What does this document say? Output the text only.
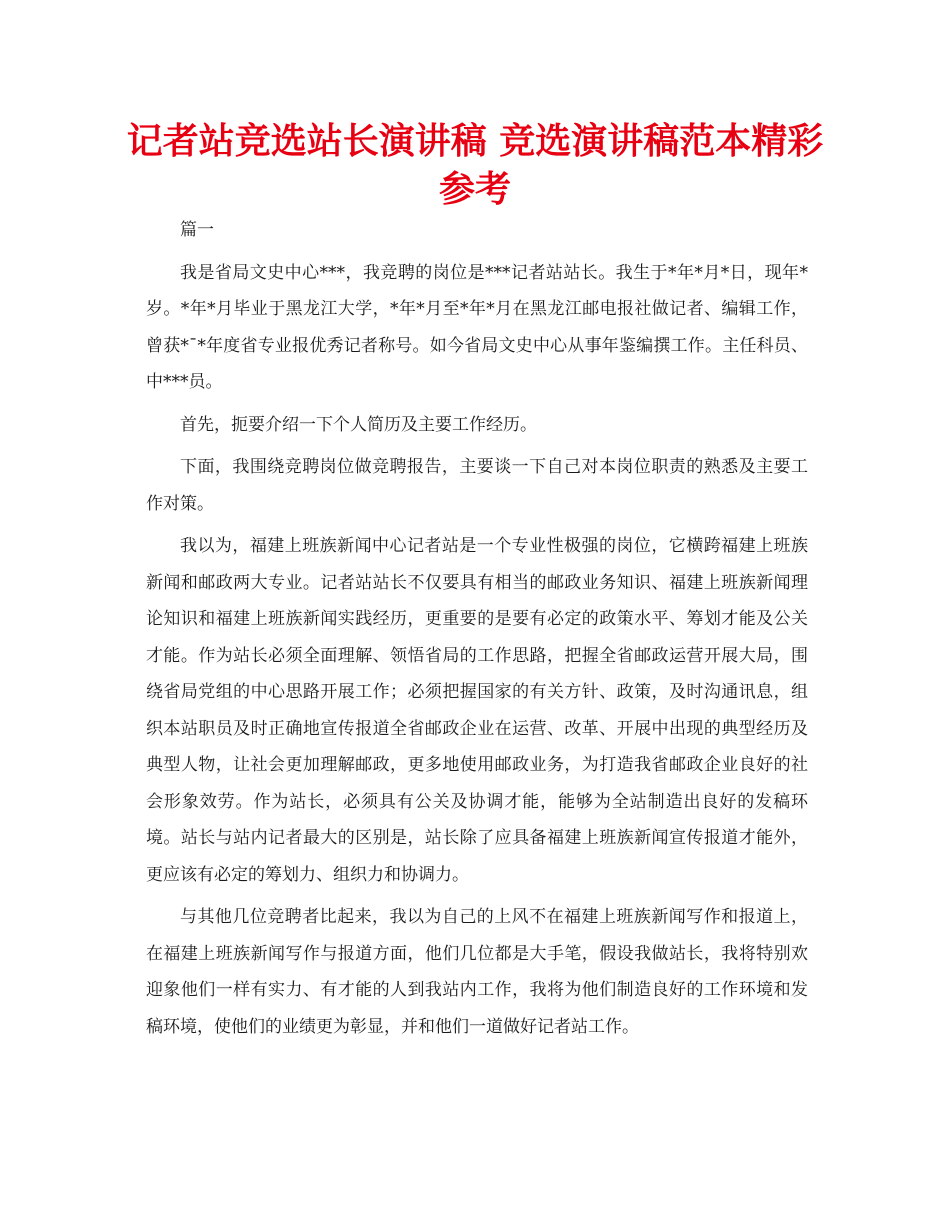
记者站竞选站长演讲稿 竞选演讲稿范本精彩参考

篇一

我是省局文史中心***，我竞聘的岗位是***记者站站长。我生于*年*月*日，现年*岁。*年*月毕业于黑龙江大学，*年*月至*年*月在黑龙江邮电报社做记者、编辑工作，曾获*ˉ*年度省专业报优秀记者称号。如今省局文史中心从事年鉴编撰工作。主任科员、中***员。

首先，扼要介绍一下个人简历及主要工作经历。

下面，我围绕竞聘岗位做竞聘报告，主要谈一下自己对本岗位职责的熟悉及主要工作对策。

我以为，福建上班族新闻中心记者站是一个专业性极强的岗位，它横跨福建上班族新闻和邮政两大专业。记者站站长不仅要具有相当的邮政业务知识、福建上班族新闻理论知识和福建上班族新闻实践经历，更重要的是要有必定的政策水平、筹划才能及公关才能。作为站长必须全面理解、领悟省局的工作思路，把握全省邮政运营开展大局，围绕省局党组的中心思路开展工作；必须把握国家的有关方针、政策，及时沟通讯息，组织本站职员及时正确地宣传报道全省邮政企业在运营、改革、开展中出现的典型经历及典型人物，让社会更加理解邮政，更多地使用邮政业务，为打造我省邮政企业良好的社会形象效劳。作为站长，必须具有公关及协调才能，能够为全站制造出良好的发稿环境。站长与站内记者最大的区别是，站长除了应具备福建上班族新闻宣传报道才能外，更应该有必定的筹划力、组织力和协调力。

与其他几位竞聘者比起来，我以为自己的上风不在福建上班族新闻写作和报道上，在福建上班族新闻写作与报道方面，他们几位都是大手笔，假设我做站长，我将特别欢迎象他们一样有实力、有才能的人到我站内工作，我将为他们制造良好的工作环境和发稿环境，使他们的业绩更为彰显，并和他们一道做好记者站工作。
